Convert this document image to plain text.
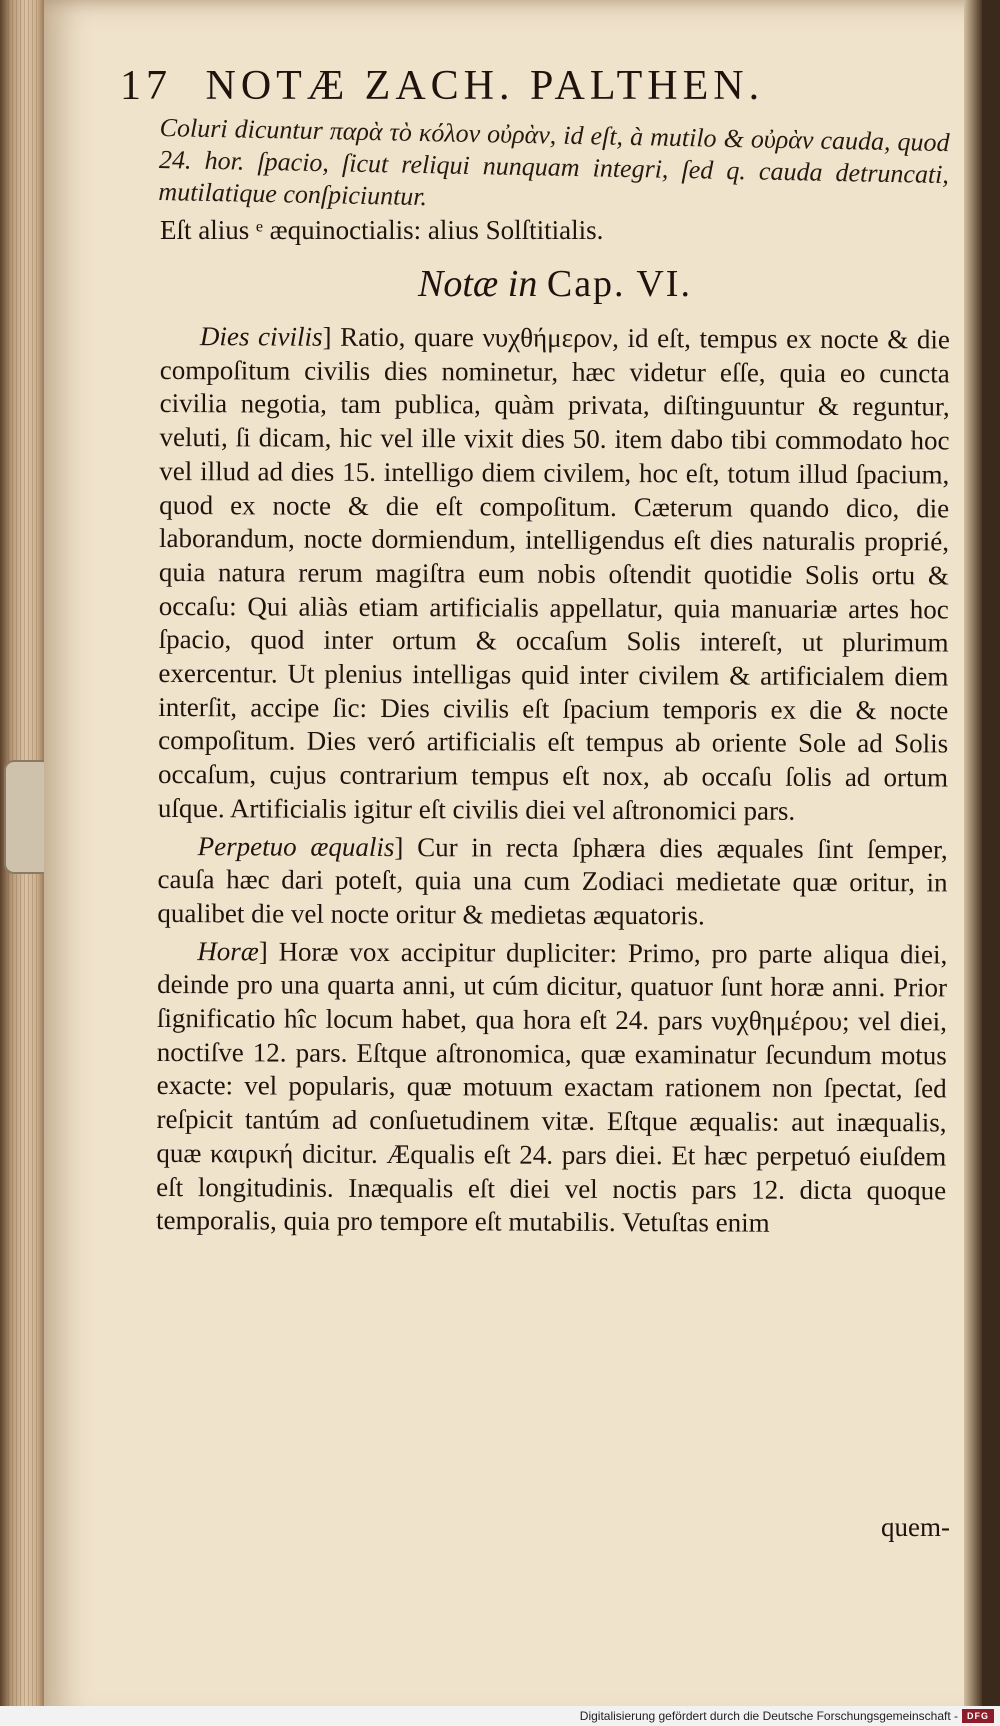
17 NOTÆ ZACH. PALTHEN.

Coluri dicuntur παρὰ τὸ κόλον οὐρὰν, id eſt, à mutilo & οὐρὰν cauda, quod 24. hor. ſpacio, ſicut reliqui nunquam integri, ſed q. cauda detruncati, mutilatique conſpiciuntur.

Eſt alius ᵉ æquinoctialis: alius Solſtitialis.

Notæ in Cap. VI.

Dies civilis] Ratio, quare νυχθήμερον, id eſt, tempus ex nocte & die compoſitum civilis dies nominetur, hæc videtur eſſe, quia eo cuncta civilia negotia, tam publica, quàm privata, diſtinguuntur & reguntur, veluti, ſi dicam, hic vel ille vixit dies 50. item dabo tibi commodato hoc vel illud ad dies 15. intelligo diem civilem, hoc eſt, totum illud ſpacium, quod ex nocte & die eſt compoſitum. Cæterum quando dico, die laborandum, nocte dormiendum, intelligendus eſt dies naturalis proprié, quia natura rerum magiſtra eum nobis oſtendit quotidie Solis ortu & occaſu: Qui aliàs etiam artificialis appellatur, quia manuariæ artes hoc ſpacio, quod inter ortum & occaſum Solis intereſt, ut plurimum exercentur. Ut plenius intelligas quid inter civilem & artificialem diem interſit, accipe ſic: Dies civilis eſt ſpacium temporis ex die & nocte compoſitum. Dies veró artificialis eſt tempus ab oriente Sole ad Solis occaſum, cujus contrarium tempus eſt nox, ab occaſu ſolis ad ortum uſque. Artificialis igitur eſt civilis diei vel aſtronomici pars.

Perpetuo æqualis] Cur in recta ſphæra dies æquales ſint ſemper, cauſa hæc dari poteſt, quia una cum Zodiaci medietate quæ oritur, in qualibet die vel nocte oritur & medietas æquatoris.

Horæ] Horæ vox accipitur dupliciter: Primo, pro parte aliqua diei, deinde pro una quarta anni, ut cúm dicitur, quatuor ſunt horæ anni. Prior ſignificatio hîc locum habet, qua hora eſt 24. pars νυχθημέρου; vel diei, noctiſve 12. pars. Eſtque aſtronomica, quæ examinatur ſecundum motus exacte: vel popularis, quæ motuum exactam rationem non ſpectat, ſed reſpicit tantúm ad conſuetudinem vitæ. Eſtque æqualis: aut inæqualis, quæ καιρική dicitur. Æqualis eſt 24. pars diei. Et hæc perpetuó eiuſdem eſt longitudinis. Inæqualis eſt diei vel noctis pars 12. dicta quoque temporalis, quia pro tempore eſt mutabilis. Vetuſtas enim

quem-
Digitalisierung gefördert durch die Deutsche Forschungsgemeinschaft -	DFG
